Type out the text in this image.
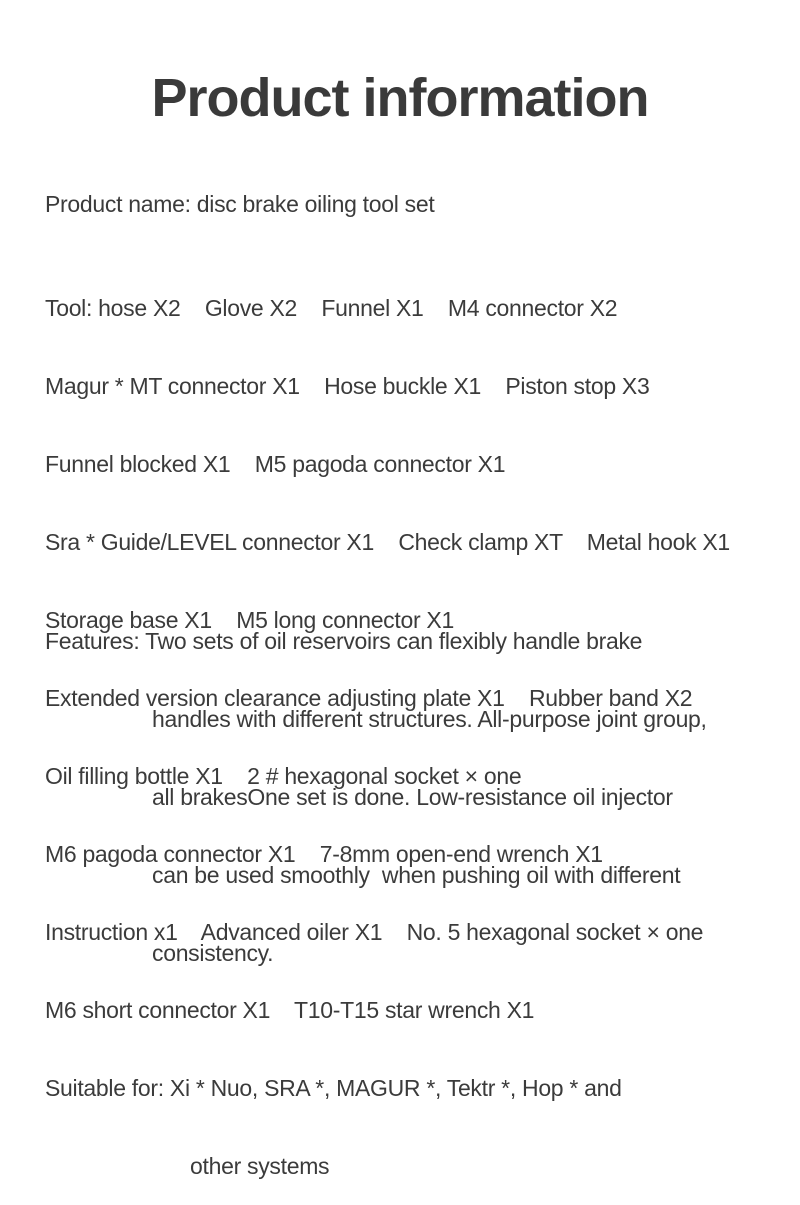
Product information
Product name: disc brake oiling tool set

Tool: hose X2    Glove X2    Funnel X1    M4 connector X2

Magur * MT connector X1    Hose buckle X1    Piston stop X3

Funnel blocked X1    M5 pagoda connector X1

Sra * Guide/LEVEL connector X1    Check clamp XT    Metal hook X1

Storage base X1    M5 long connector X1

Extended version clearance adjusting plate X1    Rubber band X2

Oil filling bottle X1    2 # hexagonal socket × one

M6 pagoda connector X1    7-8mm open-end wrench X1

Instruction x1    Advanced oiler X1    No. 5 hexagonal socket × one

M6 short connector X1    T10-T15 star wrench X1

Suitable for: Xi * Nuo, SRA *, MAGUR *, Tektr *, Hop * and

other systems

Features: Two sets of oil reservoirs can flexibly handle brake

handles with different structures. All-purpose joint group,

all brakesOne set is done. Low-resistance oil injector

can be used smoothly  when pushing oil with different

consistency.
